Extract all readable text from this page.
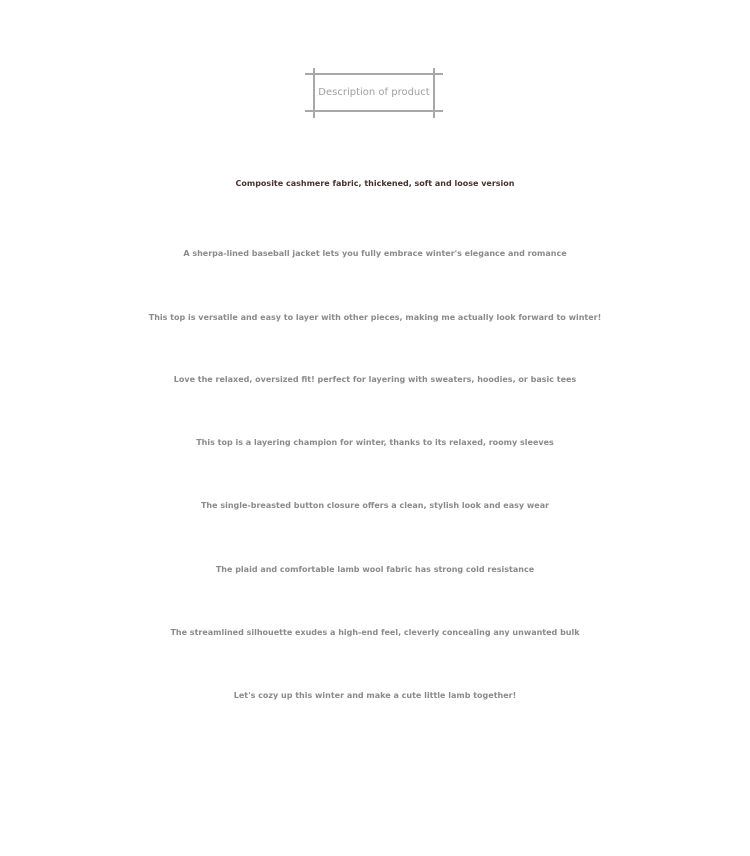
Description of product
Composite cashmere fabric, thickened, soft and loose version
A sherpa-lined baseball jacket lets you fully embrace winter's elegance and romance
This top is versatile and easy to layer with other pieces, making me actually look forward to winter!
Love the relaxed, oversized fit! perfect for layering with sweaters, hoodies, or basic tees
This top is a layering champion for winter, thanks to its relaxed, roomy sleeves
The single-breasted button closure offers a clean, stylish look and easy wear
The plaid and comfortable lamb wool fabric has strong cold resistance
The streamlined silhouette exudes a high-end feel, cleverly concealing any unwanted bulk
Let's cozy up this winter and make a cute little lamb together!
